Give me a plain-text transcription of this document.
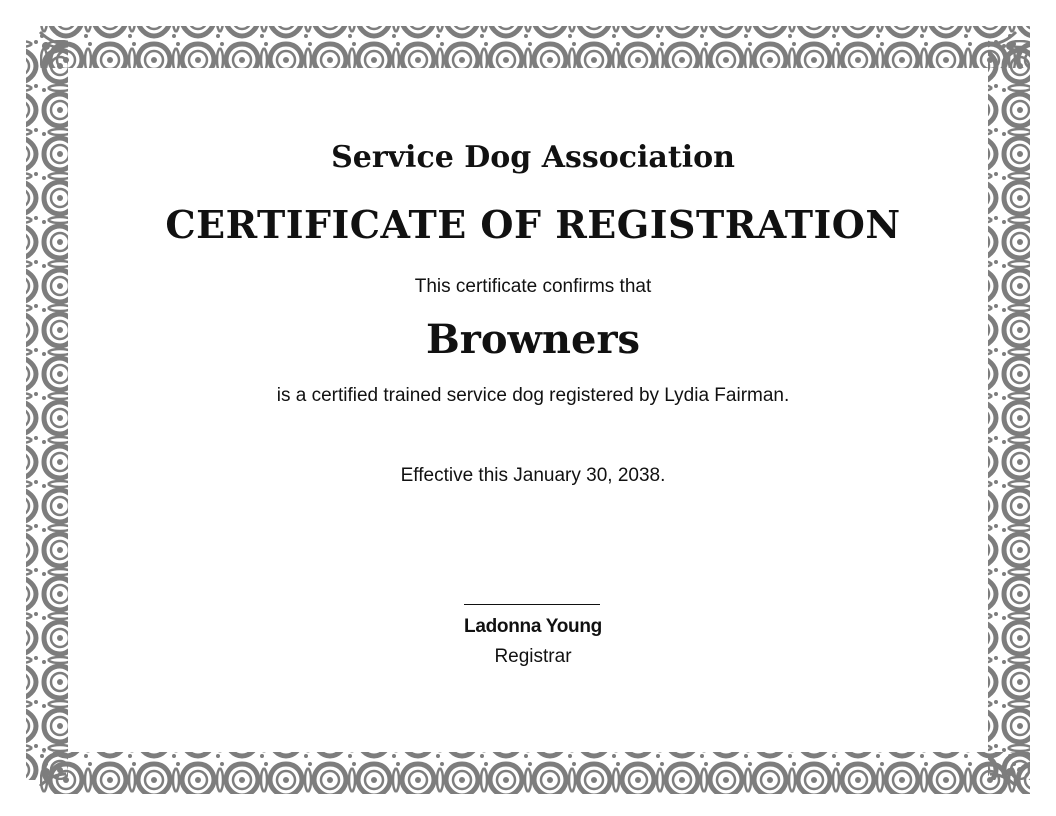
Service Dog Association
CERTIFICATE OF REGISTRATION
This certificate confirms that
Browners
is a certified trained service dog registered by Lydia Fairman.
Effective this January 30, 2038.
Ladonna Young
Registrar
